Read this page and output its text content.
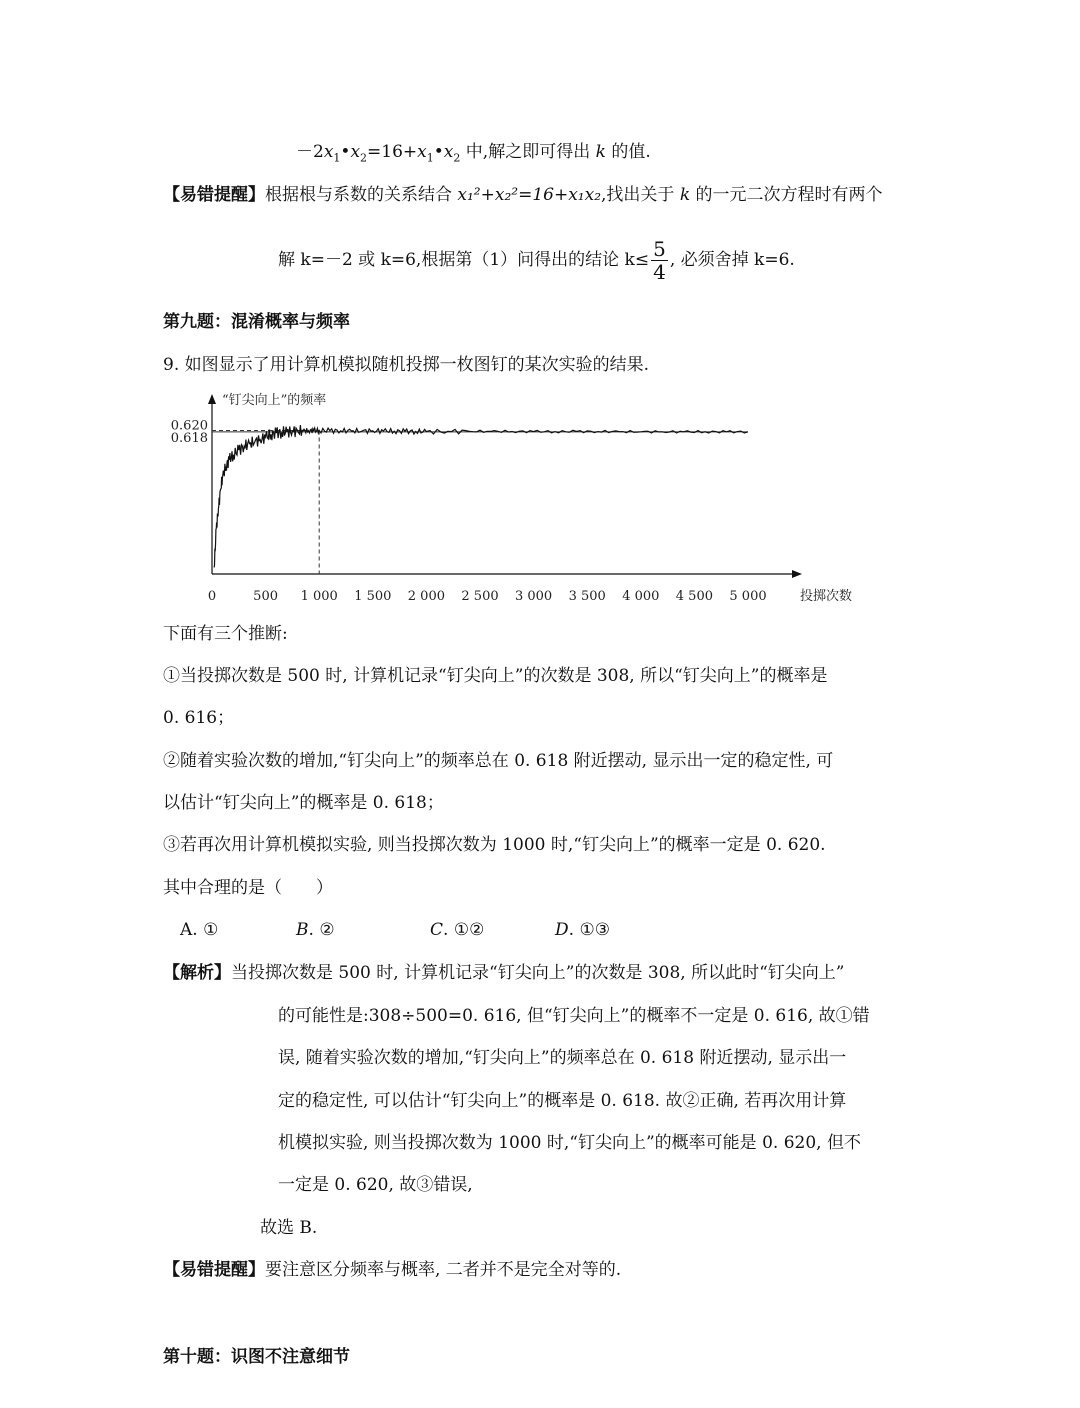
$-2x_1•x_2=16+x_1•x_2$ 中,解之即可得出 k 的值.
【易错提醒】根据根与系数的关系结合 x₁²+x₂²=16+x₁x₂,找出关于 k 的一元二次方程时有两个
解 k=－2 或 k=6,根据第（1）问得出的结论 $k\le \frac{5}{4}$ , 必须舍掉 k=6.
第九题：混淆概率与频率
9. 如图显示了用计算机模拟随机投掷一枚图钉的某次实验的结果.
0	500 1 000 1 500 2 000 2 500 3 000 3 500 4 000 4 500 5 000
0.620
0.618
“钉尖向上”的频率
投掷次数
下面有三个推断:
①当投掷次数是 500 时, 计算机记录“钉尖向上”的次数是 308, 所以“钉尖向上”的概率是
0. 616；
②随着实验次数的增加,“钉尖向上”的频率总在 0. 618 附近摆动, 显示出一定的稳定性, 可
以估计“钉尖向上”的概率是 0. 618；
③若再次用计算机模拟实验, 则当投掷次数为 1000 时,“钉尖向上”的概率一定是 0. 620.
其中合理的是（　　）
A. ①	B. ②	C. ①②	D. ①③
【解析】当投掷次数是 500 时, 计算机记录“钉尖向上”的次数是 308, 所以此时“钉尖向上”
的可能性是:308÷500=0. 616, 但“钉尖向上”的概率不一定是 0. 616, 故①错
误, 随着实验次数的增加,“钉尖向上”的频率总在 0. 618 附近摆动, 显示出一
定的稳定性, 可以估计“钉尖向上”的概率是 0. 618. 故②正确, 若再次用计算
机模拟实验, 则当投掷次数为 1000 时,“钉尖向上”的概率可能是 0. 620, 但不
一定是 0. 620, 故③错误,
故选 B.
【易错提醒】要注意区分频率与概率, 二者并不是完全对等的.
第十题：识图不注意细节
